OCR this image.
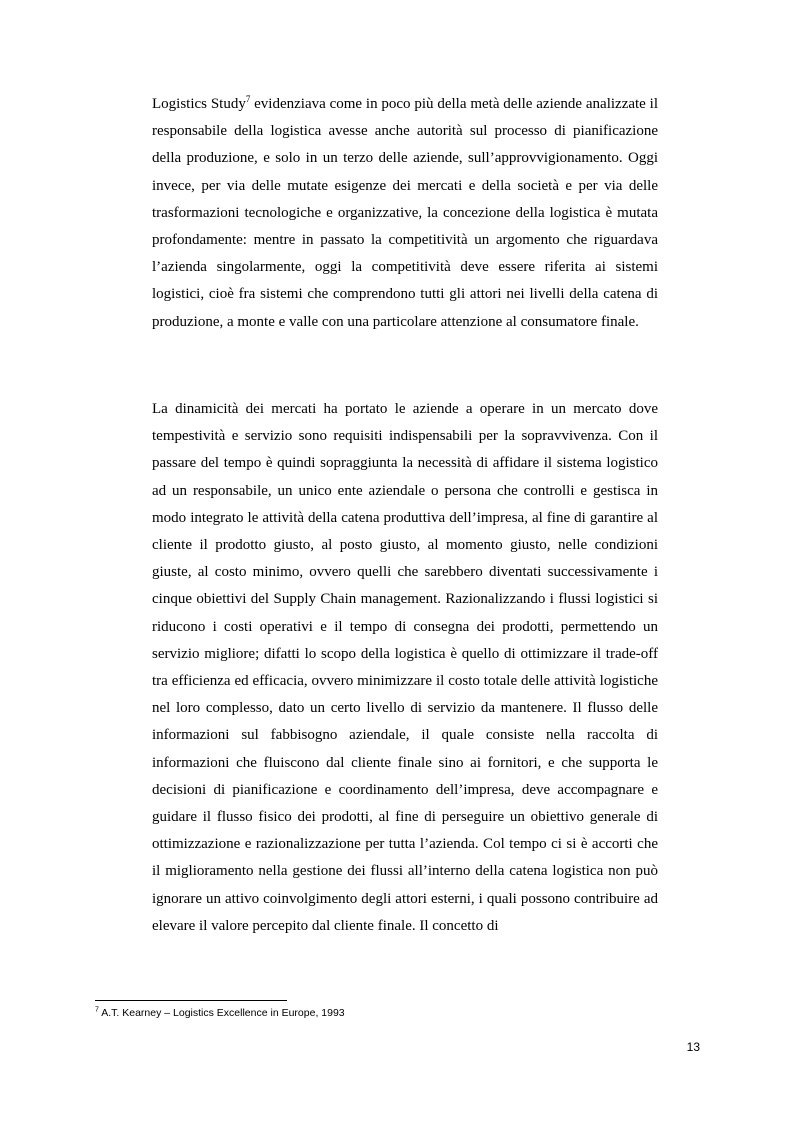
Logistics Study$^7$ evidenziava come in poco più della metà delle aziende analizzate il responsabile della logistica avesse anche autorità sul processo di pianificazione della produzione, e solo in un terzo delle aziende, sull’approvvigionamento. Oggi invece, per via delle mutate esigenze dei mercati e della società e per via delle trasformazioni tecnologiche e organizzative, la concezione della logistica è mutata profondamente: mentre in passato la competitività un argomento che riguardava l’azienda singolarmente, oggi la competitività deve essere riferita ai sistemi logistici, cioè fra sistemi che comprendono tutti gli attori nei livelli della catena di produzione, a monte e valle con una particolare attenzione al consumatore finale.

La dinamicità dei mercati ha portato le aziende a operare in un mercato dove tempestività e servizio sono requisiti indispensabili per la sopravvivenza. Con il passare del tempo è quindi sopraggiunta la necessità di affidare il sistema logistico ad un responsabile, un unico ente aziendale o persona che controlli e gestisca in modo integrato le attività della catena produttiva dell’impresa, al fine di garantire al cliente il prodotto giusto, al posto giusto, al momento giusto, nelle condizioni giuste, al costo minimo, ovvero quelli che sarebbero diventati successivamente i cinque obiettivi del Supply Chain management. Razionalizzando i flussi logistici si riducono i costi operativi e il tempo di consegna dei prodotti, permettendo un servizio migliore; difatti lo scopo della logistica è quello di ottimizzare il trade-off tra efficienza ed efficacia, ovvero minimizzare il costo totale delle attività logistiche nel loro complesso, dato un certo livello di servizio da mantenere. Il flusso delle informazioni sul fabbisogno aziendale, il quale consiste nella raccolta di informazioni che fluiscono dal cliente finale sino ai fornitori, e che supporta le decisioni di pianificazione e coordinamento dell’impresa, deve accompagnare e guidare il flusso fisico dei prodotti, al fine di perseguire un obiettivo generale di ottimizzazione e razionalizzazione per tutta l’azienda. Col tempo ci si è accorti che il miglioramento nella gestione dei flussi all’interno della catena logistica non può ignorare un attivo coinvolgimento degli attori esterni, i quali possono contribuire ad elevare il valore percepito dal cliente finale. Il concetto di

$^7$ A.T. Kearney – Logistics Excellence in Europe, 1993

13
